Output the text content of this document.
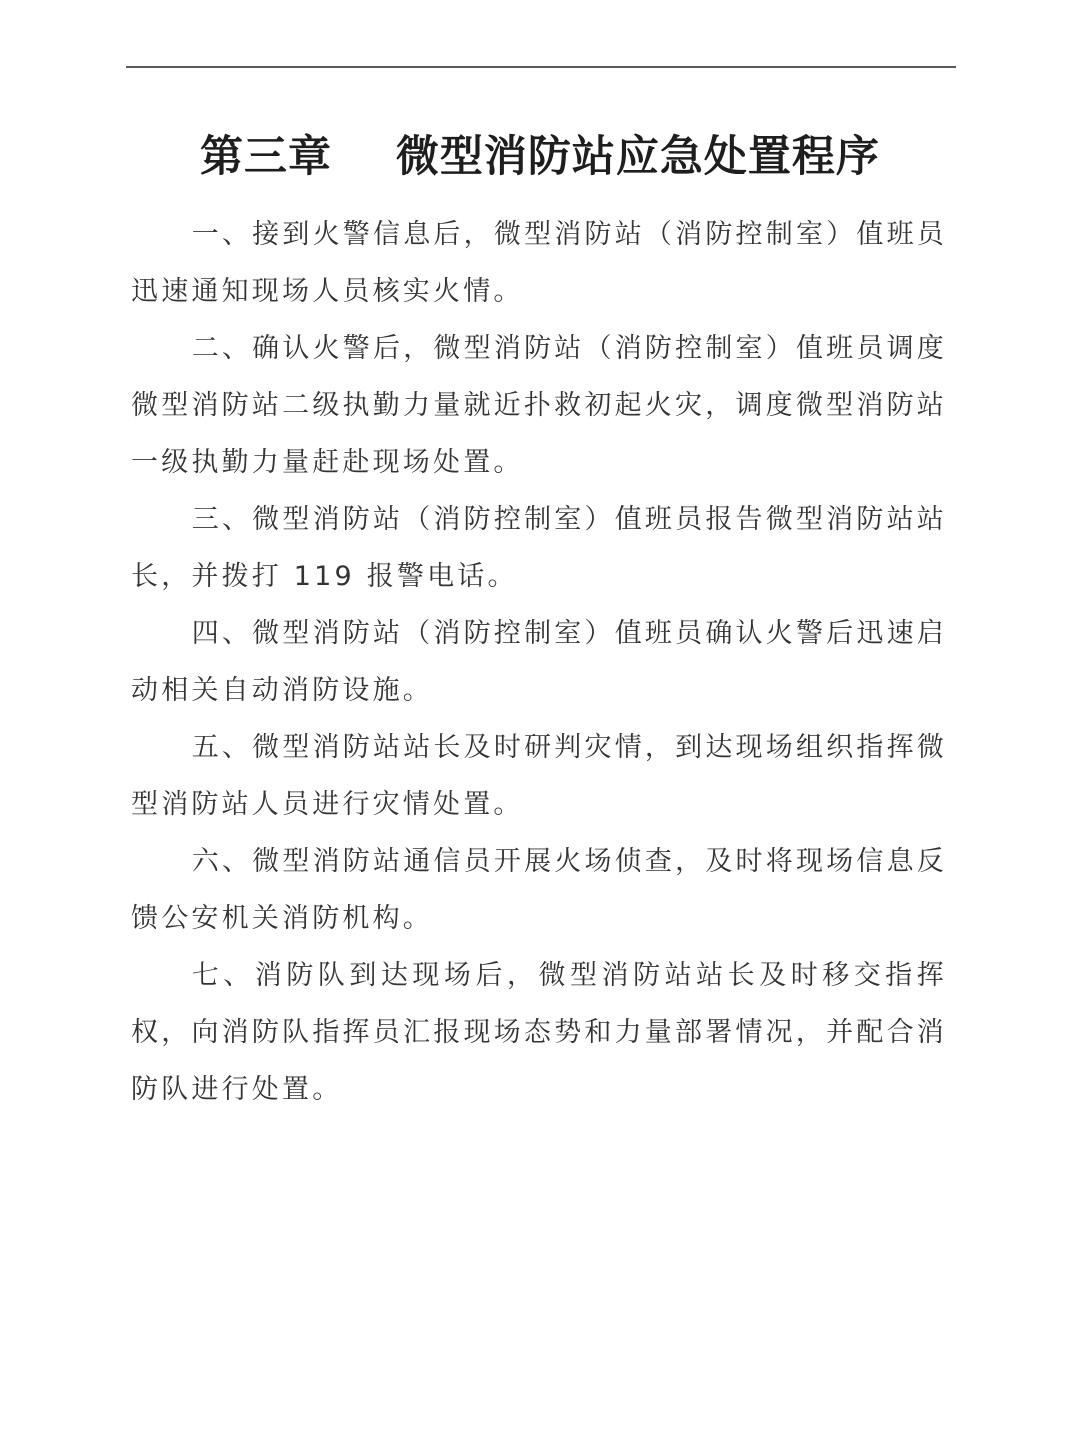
第三章    微型消防站应急处置程序

一、接到火警信息后，微型消防站（消防控制室）值班员迅速通知现场人员核实火情。

二、确认火警后，微型消防站（消防控制室）值班员调度微型消防站二级执勤力量就近扑救初起火灾，调度微型消防站一级执勤力量赶赴现场处置。

三、微型消防站（消防控制室）值班员报告微型消防站站长，并拨打 119 报警电话。

四、微型消防站（消防控制室）值班员确认火警后迅速启动相关自动消防设施。

五、微型消防站站长及时研判灾情，到达现场组织指挥微型消防站人员进行灾情处置。

六、微型消防站通信员开展火场侦查，及时将现场信息反馈公安机关消防机构。

七、消防队到达现场后，微型消防站站长及时移交指挥权，向消防队指挥员汇报现场态势和力量部署情况，并配合消防队进行处置。
